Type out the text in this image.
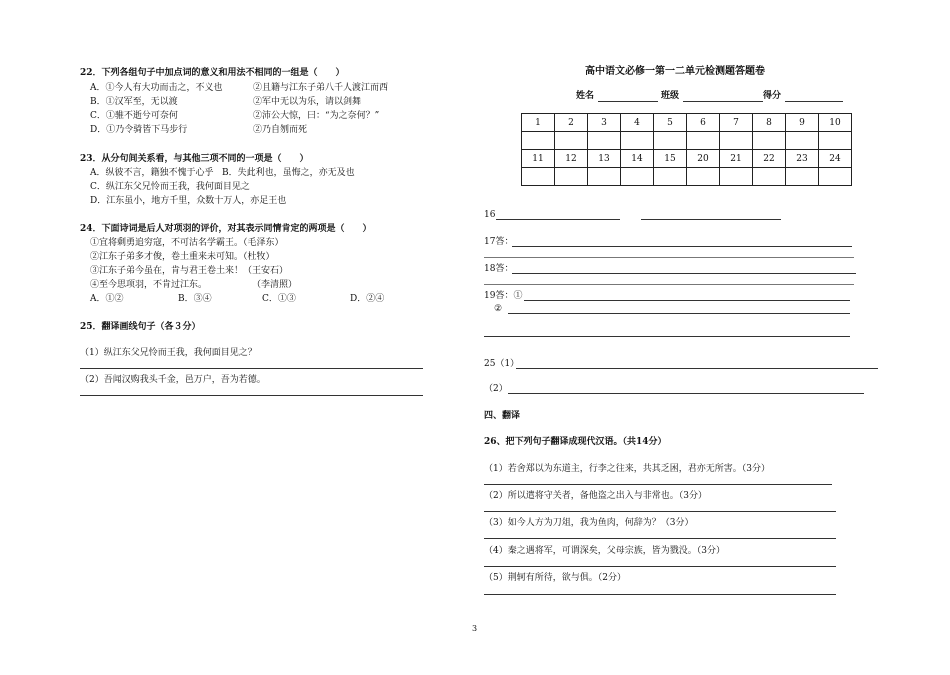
22．下列各组句子中加点词的意义和用法不相同的一组是（　　）
A．①今人有大功而击之，不义也	②且籍与江东子弟八千人渡江而西
B．①汉军至，无以渡	②军中无以为乐，请以剑舞
C．①骓不逝兮可奈何	②沛公大惊，曰：“为之奈何？”
D．①乃令骑皆下马步行	②乃自刎而死
23．从分句间关系看，与其他三项不同的一项是（　　）
A．纵彼不言，籍独不愧于心乎 B．失此利也，虽悔之，亦无及也
C．纵江东父兄怜而王我，我何面目见之
D．江东虽小，地方千里，众数十万人，亦足王也
24．下面诗词是后人对项羽的评价，对其表示同情肯定的两项是（　　）
①宜将剩勇追穷寇，不可沽名学霸王。（毛泽东）
②江东子弟多才俊，卷土重来未可知。（杜牧）
③江东子弟今虽在，肯与君王卷土来！（王安石）
④至今思项羽，不肯过江东。	（李清照）
A．①②	B．③④	C．①③	D．②④
25．翻译画线句子（各３分）
（1）纵江东父兄怜而王我，我何面目见之？
（2）吾闻汉购我头千金，邑万户，吾为若德。
高中语文必修一第一二单元检测题答题卷
姓名	班级	得分
1	2	3	4	5	6	7	8	9	10

11	12	13	14	15	20	21	22	23	24

16
17答：
18答：
19答：①
②
25（1）
（2）
四、翻译
26、把下列句子翻译成现代汉语。（共14分）
（1）若舍郑以为东道主，行李之往来，共其乏困，君亦无所害。（3分）
（2）所以遣将守关者，备他盗之出入与非常也。（3分）
（3）如今人方为刀俎，我为鱼肉，何辞为？（3分）
（4）秦之遇将军，可谓深矣，父母宗族，皆为戮没。（3分）
（5）荆轲有所待，欲与俱。（2分）
3
